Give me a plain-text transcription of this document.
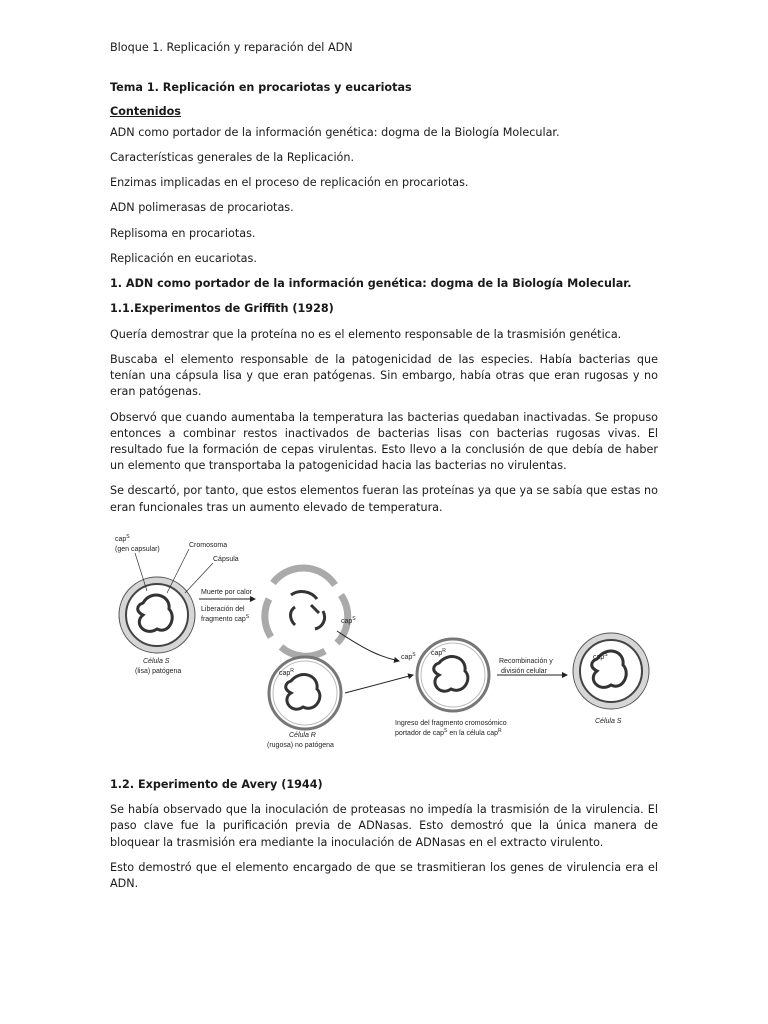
Bloque 1. Replicación y reparación del ADN
Tema 1. Replicación en procariotas y eucariotas
Contenidos
ADN como portador de la información genética: dogma de la Biología Molecular.
Características generales de la Replicación.
Enzimas implicadas en el proceso de replicación en procariotas.
ADN polimerasas de procariotas.
Replisoma en procariotas.
Replicación en eucariotas.
1. ADN como portador de la información genética: dogma de la Biología Molecular.
1.1.Experimentos de Griffith (1928)
Quería demostrar que la proteína no es el elemento responsable de la trasmisión genética.
Buscaba el elemento responsable de la patogenicidad de las especies. Había bacterias que tenían una cápsula lisa y que eran patógenas. Sin embargo, había otras que eran rugosas y no eran patógenas.
Observó que cuando aumentaba la temperatura las bacterias quedaban inactivadas. Se propuso entonces a combinar restos inactivados de bacterias lisas con bacterias rugosas vivas. El resultado fue la formación de cepas virulentas. Esto llevo a la conclusión de que debía de haber un elemento que transportaba la patogenicidad hacia las bacterias no virulentas.
Se descartó, por tanto, que estos elementos fueran las proteínas ya que ya se sabía que estas no eran funcionales tras un aumento elevado de temperatura.
cap$^S$
(gen capsular)
Cromosoma
Cápsula
Muerte por calor
Liberación del
fragmento cap$^S$
cap$^S$
Célula S
(lisa) patógena	cap$^R$
Célula R
(rugosa) no patógena
cap$^S$ cap$^R$
Ingreso del fragmento cromosómico
portador de cap$^S$ en la célula cap$^R$
Recombinación y
división celular
cap$^S$
Célula S
1.2. Experimento de Avery (1944)
Se había observado que la inoculación de proteasas no impedía la trasmisión de la virulencia. El paso clave fue la purificación previa de ADNasas. Esto demostró que la única manera de bloquear la trasmisión era mediante la inoculación de ADNasas en el extracto virulento.
Esto demostró que el elemento encargado de que se trasmitieran los genes de virulencia era el ADN.
